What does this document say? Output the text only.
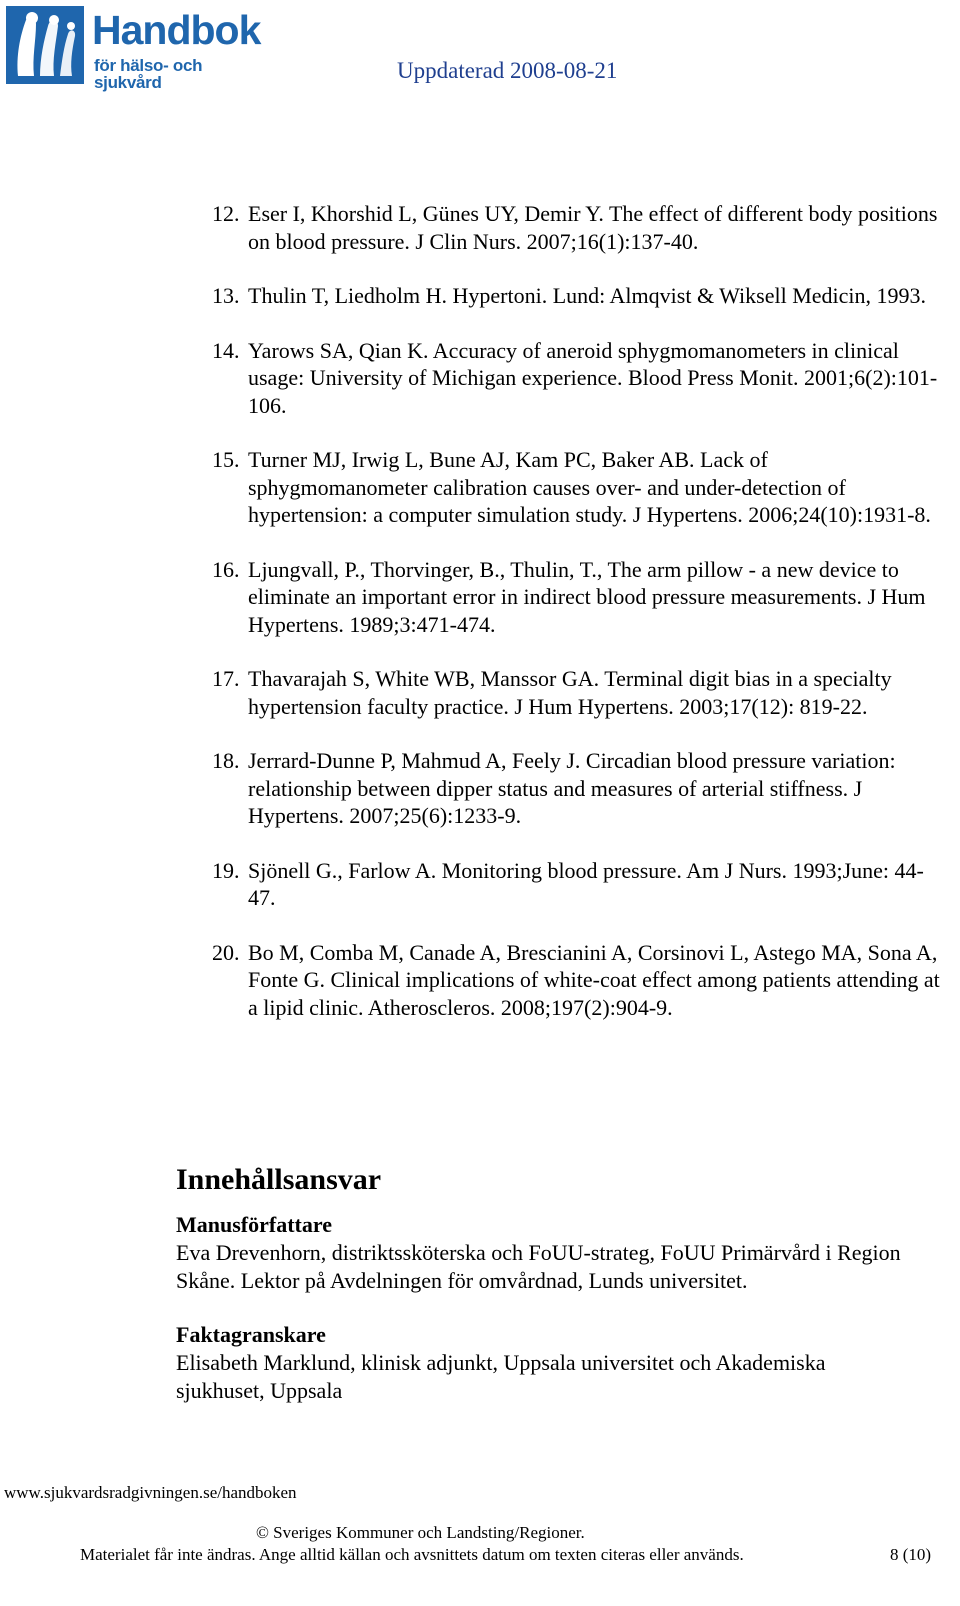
Handbok
för hälso- och sjukvård	Uppdaterad 2008-08-21
12. Eser I, Khorshid L, Günes UY, Demir Y. The effect of different body positions on blood pressure. J Clin Nurs. 2007;16(1):137-40.
13. Thulin T, Liedholm H. Hypertoni. Lund: Almqvist & Wiksell Medicin, 1993.
14. Yarows SA, Qian K. Accuracy of aneroid sphygmomanometers in clinical usage: University of Michigan experience. Blood Press Monit. 2001;6(2):101-106.
15. Turner MJ, Irwig L, Bune AJ, Kam PC, Baker AB. Lack of sphygmomanometer calibration causes over- and under-detection of hypertension: a computer simulation study. J Hypertens. 2006;24(10):1931-8.
16. Ljungvall, P., Thorvinger, B., Thulin, T., The arm pillow - a new device to eliminate an important error in indirect blood pressure measurements. J Hum Hypertens. 1989;3:471-474.
17. Thavarajah S, White WB, Manssor GA. Terminal digit bias in a specialty hypertension faculty practice. J Hum Hypertens. 2003;17(12): 819-22.
18. Jerrard-Dunne P, Mahmud A, Feely J. Circadian blood pressure variation: relationship between dipper status and measures of arterial stiffness. J Hypertens. 2007;25(6):1233-9.
19. Sjönell G., Farlow A. Monitoring blood pressure. Am J Nurs. 1993;June: 44-47.
20. Bo M, Comba M, Canade A, Brescianini A, Corsinovi L, Astego MA, Sona A, Fonte G. Clinical implications of white-coat effect among patients attending at a lipid clinic. Atheroscleros. 2008;197(2):904-9.
Innehållsansvar
Manusförfattare

Eva Drevenhorn, distriktssköterska och FoUU-strateg, FoUU Primärvård i Region Skåne. Lektor på Avdelningen för omvårdnad, Lunds universitet.

Faktagranskare

Elisabeth Marklund, klinisk adjunkt, Uppsala universitet och Akademiska sjukhuset, Uppsala

www.sjukvardsradgivningen.se/handboken
© Sveriges Kommuner och Landsting/Regioner.
Materialet får inte ändras. Ange alltid källan och avsnittets datum om texten citeras eller används.	8 (10)
